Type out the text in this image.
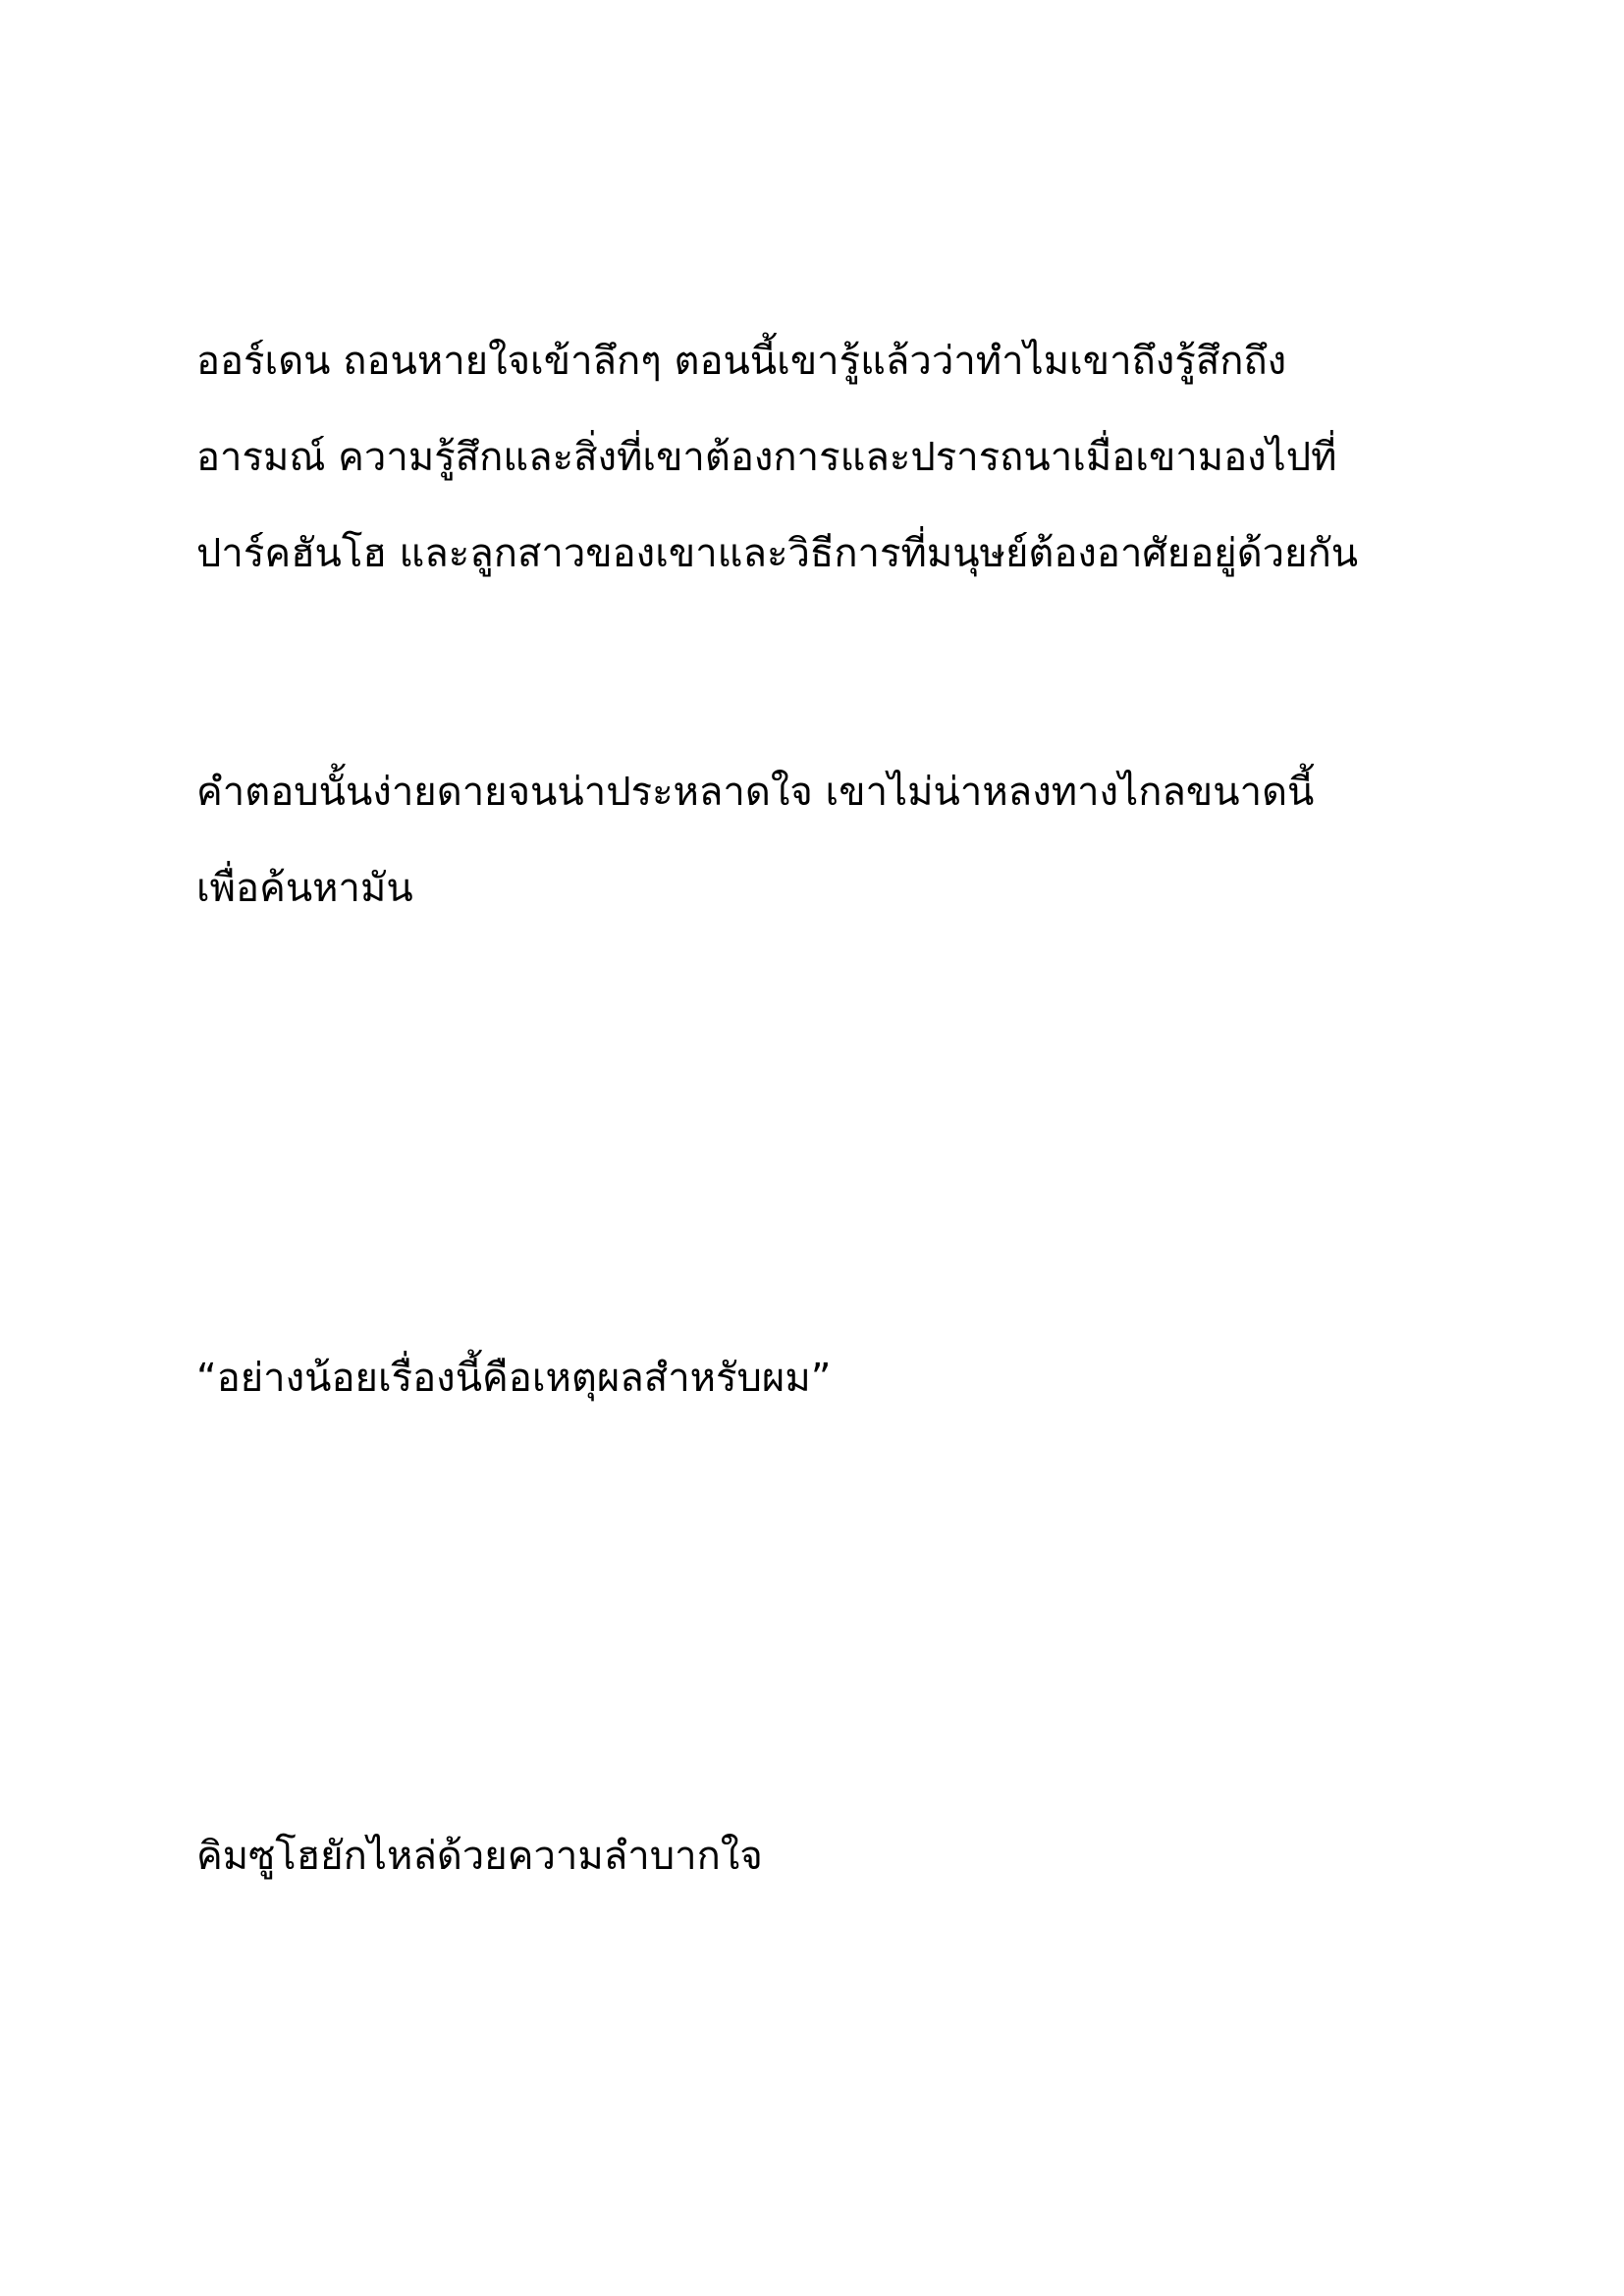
ออร์เดน ถอนหายใจเข้าลึกๆ ตอนนี้เขารู้แล้วว่าทำไมเขาถึงรู้สึกถึง
อารมณ์ ความรู้สึกและสิ่งที่เขาต้องการและปรารถนาเมื่อเขามองไปที่
ปาร์คฮันโฮ และลูกสาวของเขาและวิธีการที่มนุษย์ต้องอาศัยอยู่ด้วยกัน
คำตอบนั้นง่ายดายจนน่าประหลาดใจ เขาไม่น่าหลงทางไกลขนาดนี้
เพื่อค้นหามัน
“อย่างน้อยเรื่องนี้คือเหตุผลสำหรับผม”
คิมซูโฮยักไหล่ด้วยความลำบากใจ
